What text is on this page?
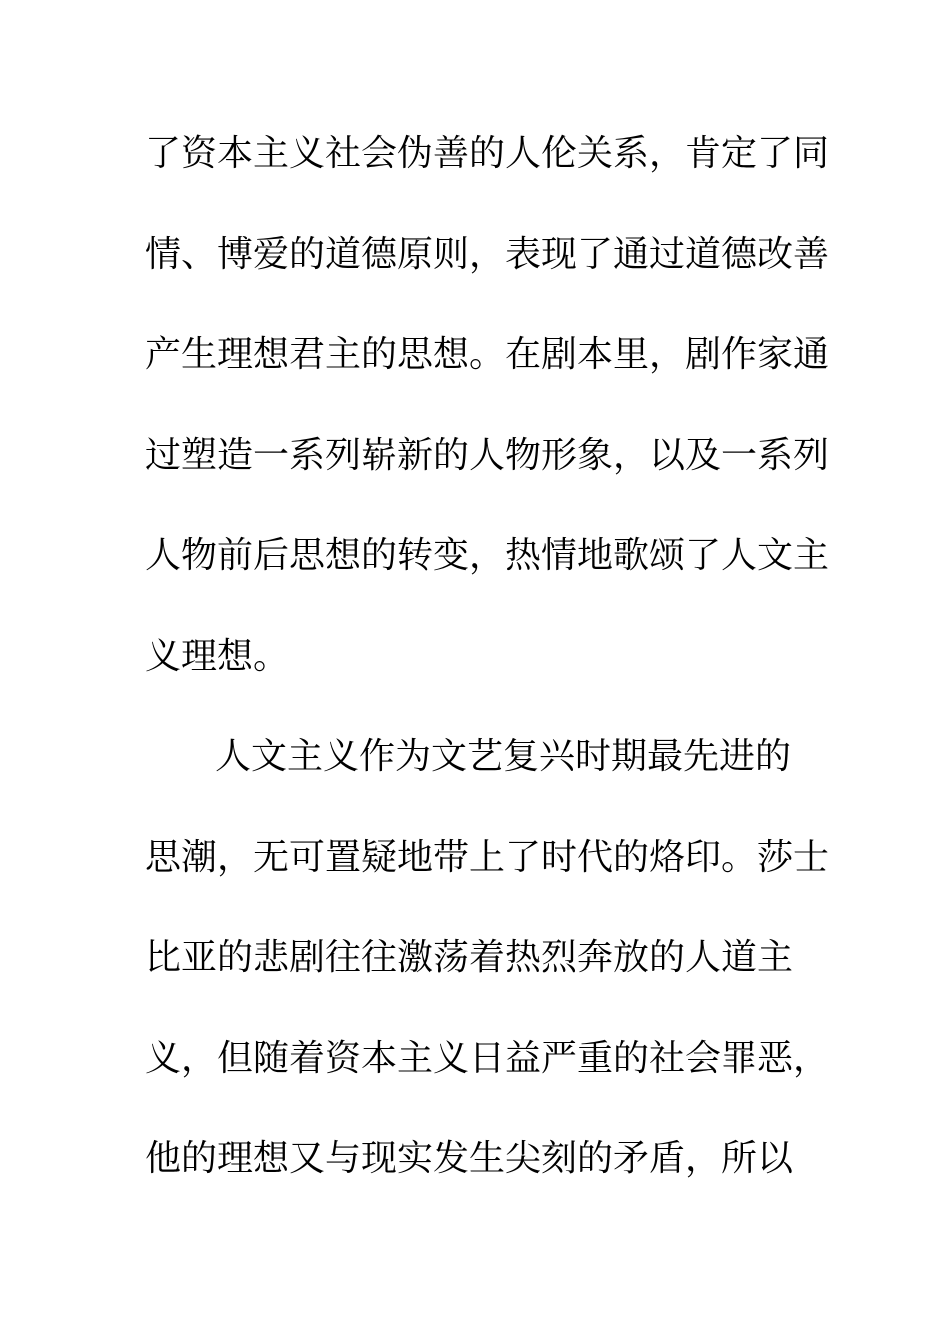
了资本主义社会伪善的人伦关系，肯定了同
情、博爱的道德原则，表现了通过道德改善
产生理想君主的思想。在剧本里，剧作家通
过塑造一系列崭新的人物形象，以及一系列
人物前后思想的转变，热情地歌颂了人文主
义理想。
人文主义作为文艺复兴时期最先进的
思潮，无可置疑地带上了时代的烙印。莎士
比亚的悲剧往往激荡着热烈奔放的人道主
义，但随着资本主义日益严重的社会罪恶，
他的理想又与现实发生尖刻的矛盾，所以
